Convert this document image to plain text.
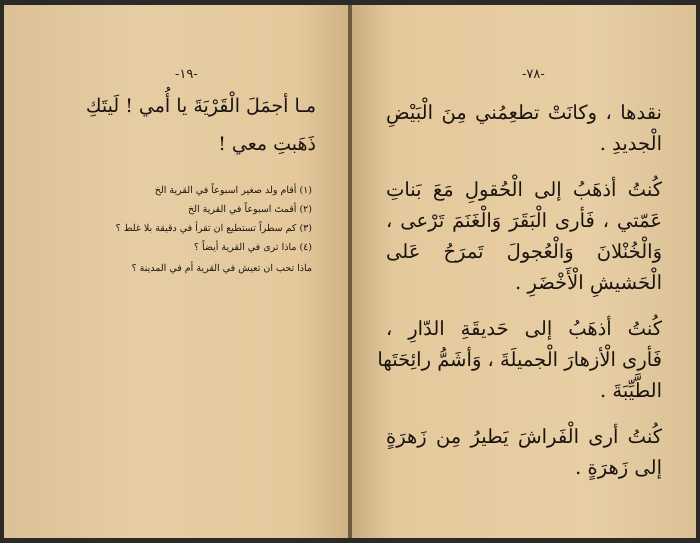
-١٩-
مـا أجمَلَ الْقَرْيَةَ يا أُمي ! لَيتَكِ
ذَهَبتِ معي !
(١) أقام ولد صغير اسبوعاً في القرية الخ
(٢) أقمتَ اسبوعاً في القرية الخ
(٣) كم سطراً تستطيع ان تقرأ في دقيقة بلا غلط ؟
(٤) ماذا ترى في القرية أيضاً ؟
ماذا تحب ان تعيش في القرية أم في المدينة ؟
-٧٨-
نقدها ، وكانَتْ تطعِمُني مِنَ الْبَيْضِ
الْجديدِ .
كُنتُ أذهَبُ إلى الْحُقولِ مَعَ بَناتِ
عَمّتي ، فَأرى الْبَقَرَ وَالْغَنَمَ تَرْعى ،
وَالْخُنْلانَ وَالْعُجولَ تَمرَحُ عَلى
الْحَشيشِ الْأَخْضَرِ .
كُنتُ أذهَبُ إلى حَديقَةِ الدّارِ ،
فَأرى الْأزهارَ الْجميلَةَ ، وَأشَمُّ رائِحَتَها
الطَّيِّبَةَ .
كُنتُ أرى الْفَراشَ يَطيرُ مِن زَهرَةٍ
إلى زَهرَةٍ .
